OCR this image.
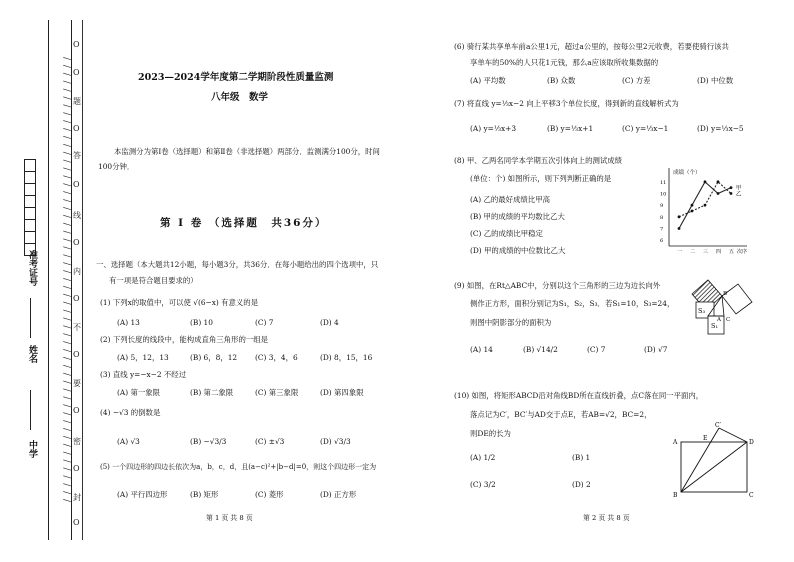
/ / / / / / / / / / / / / / / / / / / / / / / / / / / / / / / / / / / / / / / / / / / / / / / / / / / / / / / / / O
线
O
内
O
不
O
要
O
答
O
题
O
密
O
封
O
O
准考证号
姓名
中学
2023—2024学年度第二学期阶段性质量监测
八年级　数学
本监测分为第Ⅰ卷（选择题）和第Ⅱ卷（非选择题）两部分．监测满分100分，时间
100分钟．
第 Ⅰ 卷 （选择题　共36分）
一、选择题（本大题共12小题，每小题3分，共36分．在每小题给出的四个选项中，只
有一项是符合题目要求的）
(1) 下列x的取值中，可以使 √(6−x) 有意义的是
(A) 13	(B) 10	(C) 7	(D) 4
(2) 下列长度的线段中，能构成直角三角形的一组是
(A) 5，12，13	(B) 6，8，12 (C) 3，4，6	(D) 8，15，16
(3) 直线 y=−x−2 不经过
(A) 第一象限	(B) 第二象限	(C) 第三象限	(D) 第四象限
(4) −√3 的倒数是
(A) √3	(B) −√3/3	(C) ±√3	(D) √3/3
(5) 一个四边形的四边长依次为a，b，c，d，且(a−c)²+|b−d|=0，则这个四边形一定为
(A) 平行四边形	(B) 矩形	(C) 菱形	(D) 正方形
第 1 页 共 8 页
(6) 骑行某共享单车前a公里1元，超过a公里的，按每公里2元收费，若要使骑行该共
享单车的50%的人只花1元钱，那么a应该取所收集数据的
(A) 平均数	(B) 众数	(C) 方差	(D) 中位数
(7) 将直线 y=⅓x−2 向上平移3个单位长度，得到新的直线解析式为
(A) y=⅓x+3	(B) y=⅓x+1	(C) y=⅓x−1	(D) y=⅓x−5
(8) 甲、乙两名同学本学期五次引体向上的测试成绩
(单位：个) 如图所示，则下列判断正确的是
(A) 乙的最好成绩比甲高
(B) 甲的成绩的平均数比乙大
(C) 乙的成绩比甲稳定
(D) 甲的成绩的中位数比乙大
成绩（个）
11
10
9
8
7
6
一 二 三 四 五 次序
甲
乙
(9) 如图，在Rt△ABC中，分别以这个三角形的三边为边长向外
侧作正方形，面积分别记为S₁，S₂，S₃．若S₁=10，S₃=24，
则图中阴影部分的面积为
(A) 14	(B) √14/2	(C) 7	(D) √7
S₃
S₁
A
B
C
(10) 如图，将矩形ABCD沿对角线BD所在直线折叠，点C落在同一平面内，
落点记为C′，BC′与AD交于点E，若AB=√2，BC=2，
则DE的长为
(A) 1/2	(B) 1
(C) 3/2	(D) 2
A
B	C
D
E
C′
第 2 页 共 8 页
